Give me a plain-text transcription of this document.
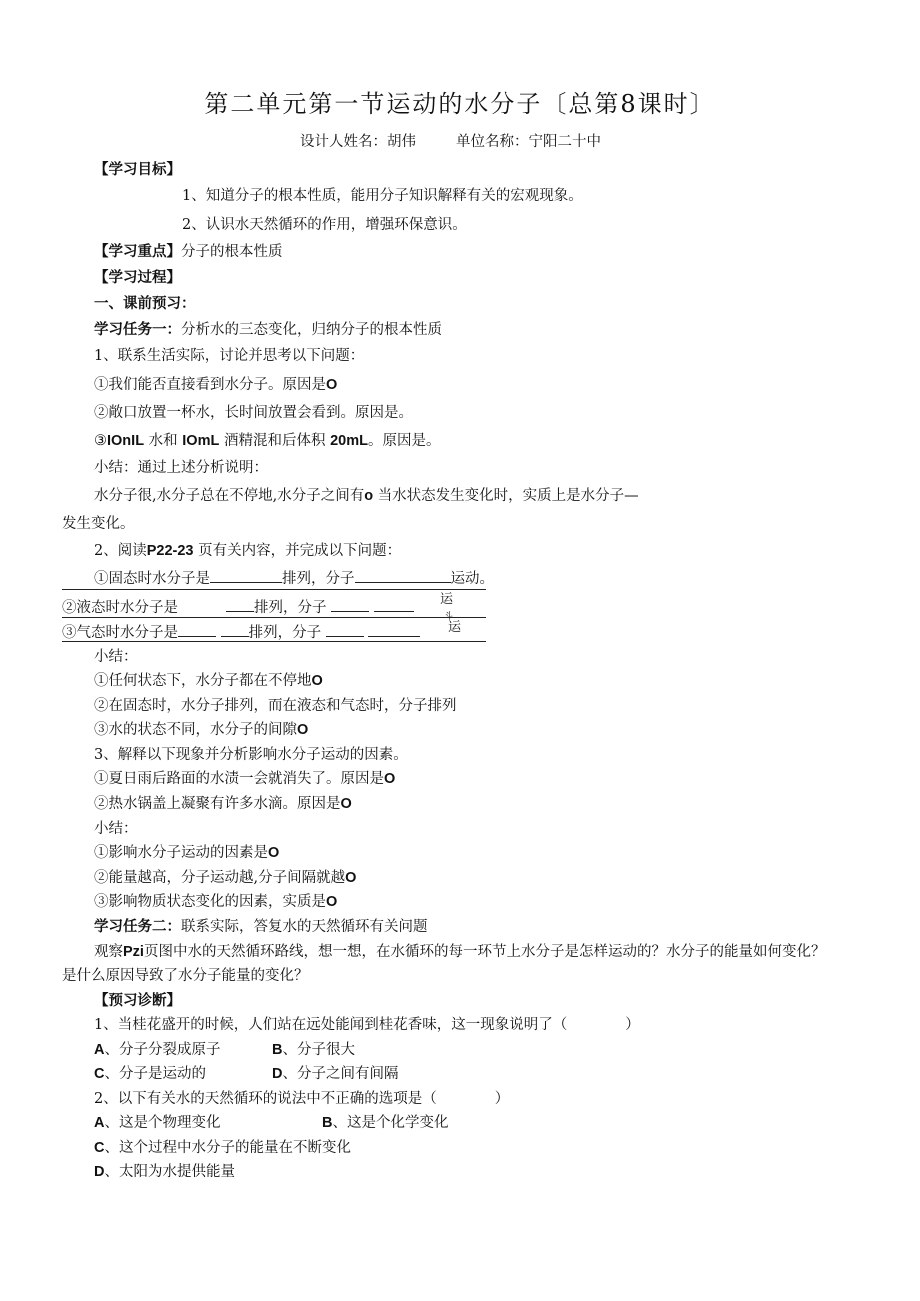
第二单元第一节运动的水分子〔总第8课时〕
设计人姓名：胡伟	单位名称：宁阳二十中
【学习目标】
1、知道分子的根本性质，能用分子知识解释有关的宏观现象。
2、认识水天然循环的作用，增强环保意识。
【学习重点】分子的根本性质
【学习过程】
一、课前预习：
学习任务一：分析水的三态变化，归纳分子的根本性质
1、联系生活实际，讨论并思考以下问题：
①我们能否直接看到水分子。原因是O
②敞口放置一杯水，长时间放置会看到。原因是。
③IOnIL 水和 IOmL 酒精混和后体积 20mL。原因是。
小结：通过上述分析说明：
水分子很,水分子总在不停地,水分子之间有o 当水状态发生变化时，实质上是水分子—
发生变化。
2、阅读P22-23 页有关内容，并完成以下问题：
①固态时水分子是	排列，分子	运动。
②液态时水分子是	排列，分子
运
斗
③气态时水分子是	排列，分子	运
小结：
①任何状态下，水分子都在不停地O
②在固态时，水分子排列，而在液态和气态时，分子排列
③水的状态不同，水分子的间隙O
3、解释以下现象并分析影响水分子运动的因素。
①夏日雨后路面的水渍一会就消失了。原因是O
②热水锅盖上凝聚有许多水滴。原因是O
小结：
①影响水分子运动的因素是O
②能量越高，分子运动越,分子间隔就越O
③影响物质状态变化的因素，实质是O
学习任务二：联系实际，答复水的天然循环有关问题
观察Pzi页图中水的天然循环路线，想一想，在水循环的每一环节上水分子是怎样运动的？水分子的能量如何变化？
是什么原因导致了水分子能量的变化？
【预习诊断】
1、当桂花盛开的时候，人们站在远处能闻到桂花香味，这一现象说明了（　　　　）
A、分子分裂成原子	B、分子很大
C、分子是运动的	D、分子之间有间隔
2、以下有关水的天然循环的说法中不正确的选项是（　　　　）
A、这是个物理变化	B、这是个化学变化
C、这个过程中水分子的能量在不断变化
D、太阳为水提供能量
